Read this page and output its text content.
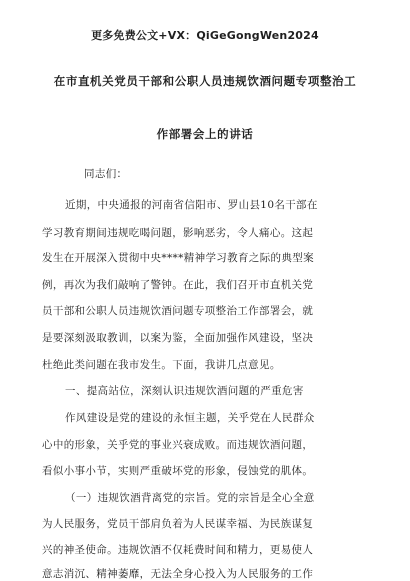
更多免费公文+VX：QiGeGongWen2024
在市直机关党员干部和公职人员违规饮酒问题专项整治工
作部署会上的讲话
同志们：
近期，中央通报的河南省信阳市、罗山县10名干部在
学习教育期间违规吃喝问题，影响恶劣，令人痛心。这起
发生在开展深入贯彻中央****精神学习教育之际的典型案
例，再次为我们敲响了警钟。在此，我们召开市直机关党
员干部和公职人员违规饮酒问题专项整治工作部署会，就
是要深刻汲取教训，以案为鉴，全面加强作风建设，坚决
杜绝此类问题在我市发生。下面，我讲几点意见。
一、提高站位，深刻认识违规饮酒问题的严重危害
作风建设是党的建设的永恒主题，关乎党在人民群众
心中的形象，关乎党的事业兴衰成败。而违规饮酒问题，
看似小事小节，实则严重破坏党的形象，侵蚀党的肌体。
（一）违规饮酒背离党的宗旨。党的宗旨是全心全意
为人民服务，党员干部肩负着为人民谋幸福、为民族谋复
兴的神圣使命。违规饮酒不仅耗费时间和精力，更易使人
意志消沉、精神萎靡，无法全身心投入为人民服务的工作
